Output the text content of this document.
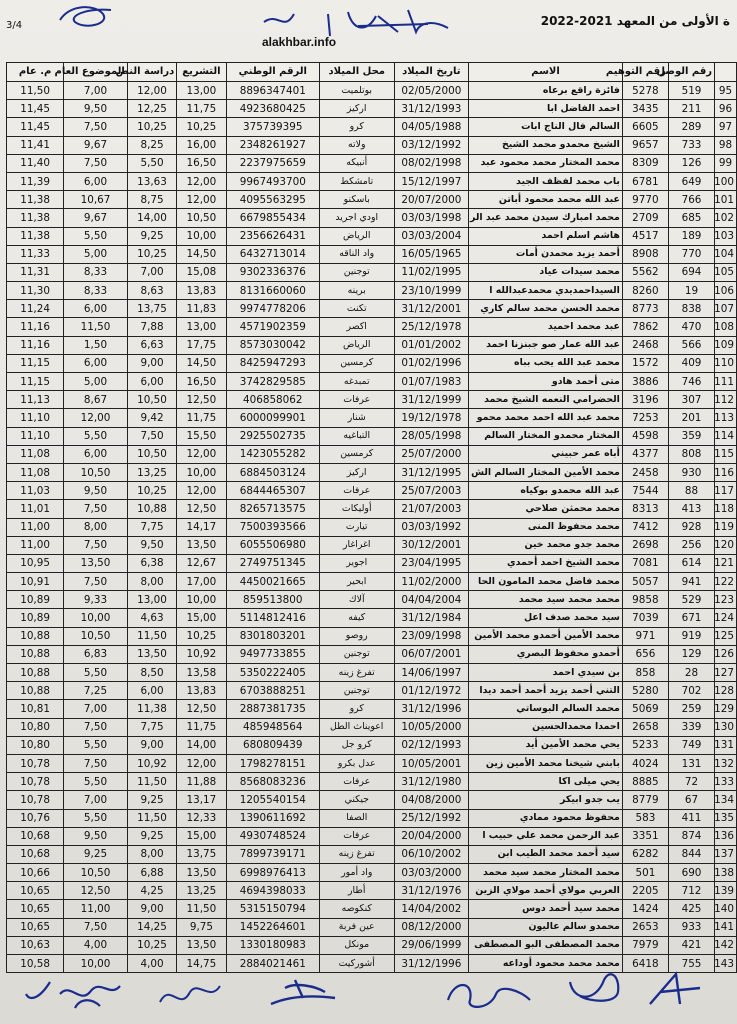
3/4
alakhbar.info
ة الأولى من المعهد 2021-2022
	رقم الوصل	رقم التوهيم	الاسم	تاريخ الميلاد	محل الميلاد	الرقم الوطني	التشريع	دراسة النص	الموضوع العام	م. عام
95	519	5278	فائزة راقع برعاه	02/05/2000	بوتلميت	8896347401	13,00	12,00	7,00	11,50
96	211	3435	احمد الفاضل ابا	31/12/1993	اركيز	4923680425	11,75	12,25	9,50	11,45
97	289	6605	السالم فال الناج ابات	04/05/1988	كرو	375739395	10,25	10,25	7,50	11,45
98	733	9657	الشيخ محمدو محمد الشيخ	03/12/1992	ولاته	2348261927	16,00	8,25	9,67	11,41
99	126	8309	محمد المختار محمد محمود عبد	08/02/1998	أنبيكه	2237975659	16,50	5,50	7,50	11,40
100	649	6781	باب محمد لفظف الجيد	15/12/1997	تامشكط	9967493700	12,00	13,63	6,00	11,39
101	766	9770	عبد الله محمد محمود أباتن	20/07/2000	باسكنو	4095563295	12,00	8,75	10,67	11,38
102	685	2709	محمد امبارك سيدن محمد عبد الر	03/03/1998	اودي اجريد	6679855434	10,50	14,00	9,67	11,38
103	189	4517	هاشم اسلم احمد	03/03/2004	الرياض	2356626431	10,00	9,25	5,50	11,38
104	770	8908	أحمد يزيد محمدن أمات	16/05/1965	واد الناقه	6432713014	14,50	10,25	5,00	11,33
105	694	5562	محمد سيدات عياد	11/02/1995	توجنين	9302336376	15,08	7,00	8,33	11,31
106	19	8260	السيداحمديدي محمدعبدالله ا	23/10/1999	برينه	8131660060	13,83	8,63	8,33	11,30
107	838	8773	محمد الحسن محمد سالم كاري	31/12/2001	تكنت	9974778206	11,83	13,75	6,00	11,24
108	470	7862	عبد محمد احميد	25/12/1978	اكصر	4571902359	13,00	7,88	11,50	11,16
109	566	2468	عبد الله عمار صو جبنزنا احمد	01/01/2002	الرياض	8573030042	17,75	6,63	1,50	11,16
110	409	1572	محمد عبد الله يحب بباه	01/02/1996	كرمسين	8425947293	14,50	9,00	6,00	11,15
111	746	3886	متى أحمد هادو	01/07/1983	تمبدغه	3742829585	16,50	6,00	5,00	11,15
112	307	3196	الحضرامي النعمه الشيخ محمد	31/12/1999	عرفات	406858062	12,50	10,50	8,67	11,13
113	201	7253	محمد عبد الله احمد محمد محمو	19/12/1978	شنار	6000099901	11,75	9,42	12,00	11,10
114	359	4598	المختار محمدو المختار السالم	28/05/1998	التباغيه	2925502735	15,50	7,50	5,50	11,10
115	808	4377	أباه عمر حبيني	25/07/2000	كرمسين	1423055282	12,00	10,50	6,00	11,08
116	930	2458	محمد الأمين المختار السالم الش	31/12/1995	اركيز	6884503124	10,00	13,25	10,50	11,08
117	88	7544	عبد الله محمدو بوكياه	25/07/2003	عرفات	6844465307	12,00	10,25	9,50	11,03
118	413	8313	محمد محمثن صلاحي	21/07/2003	أوليكات	8265713575	12,50	10,88	7,50	11,01
119	928	7412	محمد محفوظ المنى	03/03/1992	تيارت	7500393566	14,17	7,75	8,00	11,00
120	256	2698	محمد جدو محمد خين	30/12/2001	اغراغار	6055506980	13,50	9,50	7,50	11,00
121	614	7081	محمد الشيخ احمد أحمدي	23/04/1995	اجوير	2749751345	12,67	6,38	13,50	10,95
122	941	5057	محمد فاضل محمد المامون الحا	11/02/2000	ابحير	4450021665	17,00	8,00	7,50	10,91
123	529	9858	محمد محمد سيد محمد	04/04/2004	آلاك	859513800	10,00	13,00	9,33	10,89
124	671	7039	سيد محمد صدف اعل	31/12/1984	كيفه	5114812416	15,00	4,63	10,00	10,89
125	919	971	محمد الأمين أحمدو محمد الأمين	23/09/1998	روصو	8301803201	10,25	11,50	10,50	10,88
126	129	656	أحمدو محفوظ البصري	06/07/2001	توجنين	9497733855	10,92	13,50	6,83	10,88
127	28	858	بن سيدي احمد	14/06/1997	تفرغ زينه	5350222405	13,58	8,50	5,50	10,88
128	702	5280	التني أحمد يزيد أحمد أحمد ديدا	01/12/1972	توجنين	6703888251	13,83	6,00	7,25	10,88
129	259	5069	محمد السالم البوساتي	31/12/1996	كرو	2887381735	12,50	11,38	7,00	10,81
130	339	2658	احمدا محمدالحسين	10/05/2000	اعويناث الطل	485948564	11,75	7,75	7,50	10,80
131	749	5233	يحي محمد الأمين أيد	02/12/1993	كرو جل	680809439	14,00	9,00	5,50	10,80
132	131	4024	بابني شيخنا محمد الأمين زين	10/05/2001	عدل بكرو	1798278151	12,00	10,92	7,50	10,78
133	72	8885	يحي ميلى اكا	31/12/1980	عرفات	8568083236	11,88	11,50	5,50	10,78
134	67	8779	يب جدو ابيكر	04/08/2000	جيكني	1205540154	13,17	9,25	7,00	10,78
135	411	583	محفوظ محمود ممادي	25/12/1992	الصفا	1390611692	12,33	11,50	5,50	10,76
136	874	3351	عبد الرحمن محمد علي حبيب ا	20/04/2000	عرفات	4930748524	15,00	9,25	9,50	10,68
137	844	6282	سيد أحمد محمد الطيب ابن	06/10/2002	تفرغ زينه	7899739171	13,75	8,00	9,25	10,68
138	690	501	محمد المختار محمد سيد محمد	03/03/2000	واد أمور	6998976413	13,50	6,88	10,50	10,66
139	712	2205	العربي مولاي أحمد مولاي الزين	31/12/1976	أطار	4694398033	13,25	4,25	12,50	10,65
140	425	1424	محمد سيد أحمد دوس	14/04/2002	كنكوصه	5315150794	11,50	9,00	11,00	10,65
141	933	2653	محمدو سالم عاليون	08/12/2000	عين فربة	1452264601	9,75	14,25	7,50	10,65
142	421	7979	محمد المصطفى البو المصطفى	29/06/1999	مونكل	1330180983	13,50	10,25	4,00	10,63
143	755	6418	محمد محمد محمود أوداعه	31/12/1996	أشوركيت	2884021461	14,75	4,00	10,00	10,58
